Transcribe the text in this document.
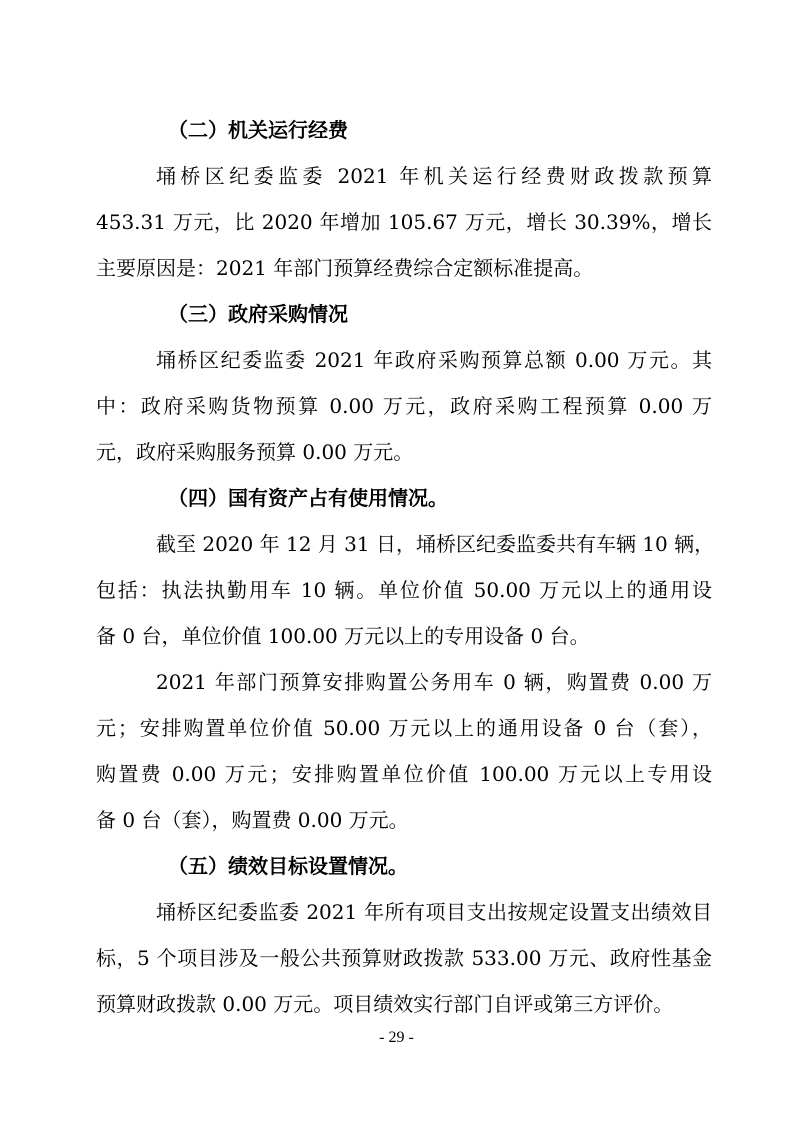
（二）机关运行经费

埇桥区纪委监委 2021 年机关运行经费财政拨款预算
453.31 万元，比 2020 年增加 105.67 万元，增长 30.39%，增长
主要原因是：2021 年部门预算经费综合定额标准提高。

（三）政府采购情况

埇桥区纪委监委 2021 年政府采购预算总额 0.00 万元。其
中：政府采购货物预算 0.00 万元，政府采购工程预算 0.00 万
元，政府采购服务预算 0.00 万元。

（四）国有资产占有使用情况。

截至 2020 年 12 月 31 日，埇桥区纪委监委共有车辆 10 辆，
包括：执法执勤用车 10 辆。单位价值 50.00 万元以上的通用设
备 0 台，单位价值 100.00 万元以上的专用设备 0 台。

2021 年部门预算安排购置公务用车 0 辆，购置费 0.00 万
元；安排购置单位价值 50.00 万元以上的通用设备 0 台（套），
购置费 0.00 万元；安排购置单位价值 100.00 万元以上专用设
备 0 台（套），购置费 0.00 万元。

（五）绩效目标设置情况。

埇桥区纪委监委 2021 年所有项目支出按规定设置支出绩效目
标，5 个项目涉及一般公共预算财政拨款 533.00 万元、政府性基金
预算财政拨款 0.00 万元。项目绩效实行部门自评或第三方评价。

- 29 -
